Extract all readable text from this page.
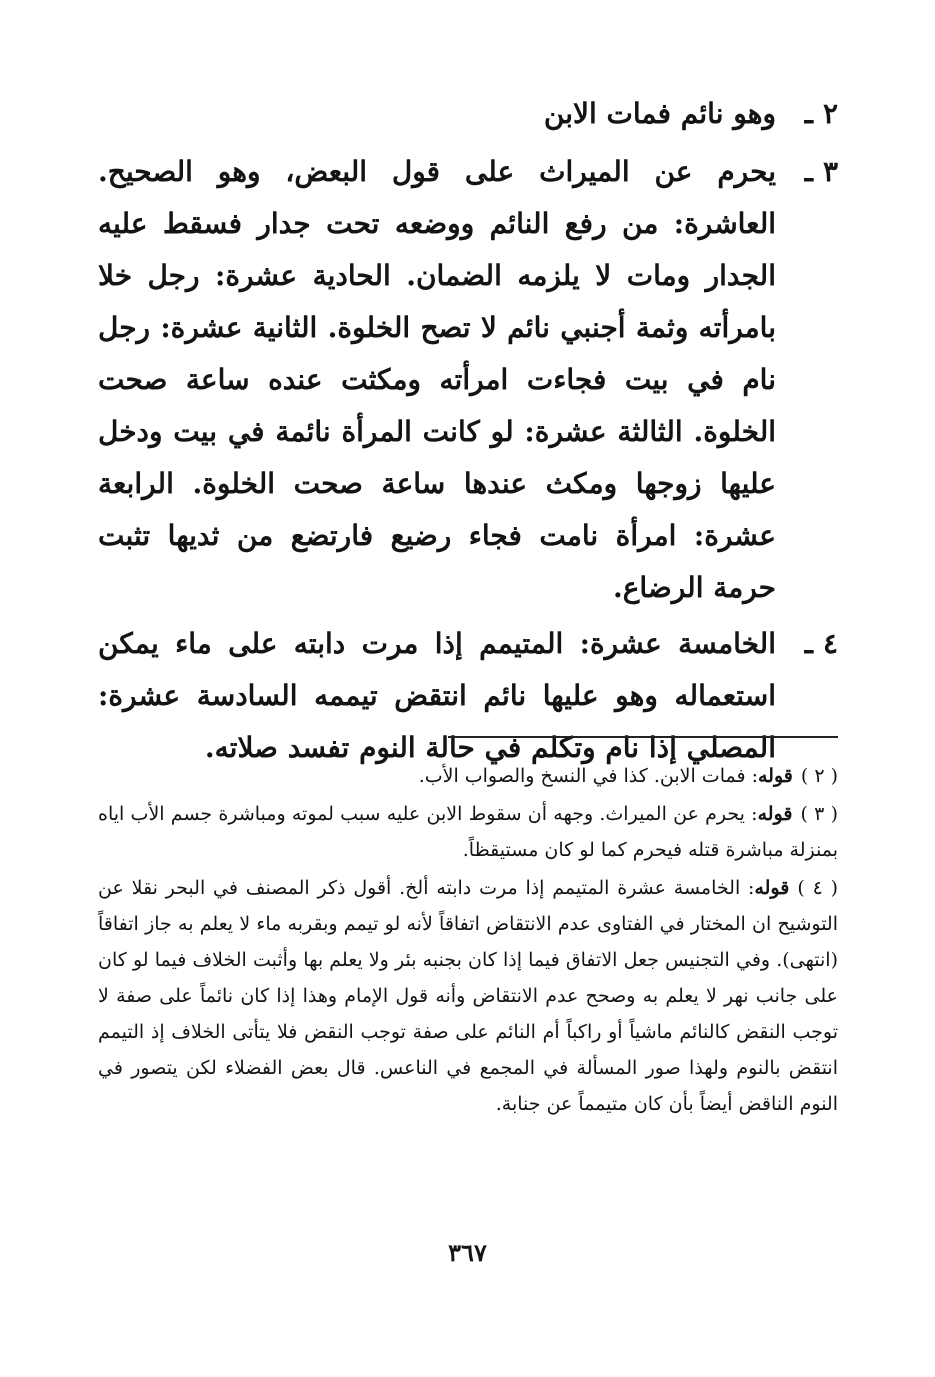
٢ـ
وهو نائم فمات الابن
٣ـ
يحرم عن الميراث على قول البعض، وهو الصحيح. العاشرة: من رفع النائم ووضعه تحت جدار فسقط عليه الجدار ومات لا يلزمه الضمان. الحادية عشرة: رجل خلا بامرأته وثمة أجنبي نائم لا تصح الخلوة. الثانية عشرة: رجل نام في بيت فجاءت امرأته ومكثت عنده ساعة صحت الخلوة. الثالثة عشرة: لو كانت المرأة نائمة في بيت ودخل عليها زوجها ومكث عندها ساعة صحت الخلوة. الرابعة عشرة: امرأة نامت فجاء رضيع فارتضع من ثديها تثبت حرمة الرضاع.
٤ـ
الخامسة عشرة: المتيمم إذا مرت دابته على ماء يمكن استعماله وهو عليها نائم انتقض تيممه السادسة عشرة: المصلي إذا نام وتكلم في حالة النوم تفسد صلاته.

( ٢ )قوله: فمات الابن. كذا في النسخ والصواب الأب.

( ٣ )قوله: يحرم عن الميراث. وجهه أن سقوط الابن عليه سبب لموته ومباشرة جسم الأب اياه بمنزلة مباشرة قتله فيحرم كما لو كان مستيقظاً.

( ٤ )قوله: الخامسة عشرة المتيمم إذا مرت دابته ألخ. أقول ذكر المصنف في البحر نقلا عن التوشيح ان المختار في الفتاوى عدم الانتقاض اتفاقاً لأنه لو تيمم وبقربه ماء لا يعلم به جاز اتفاقاً (انتهى). وفي التجنيس جعل الاتفاق فيما إذا كان بجنبه بئر ولا يعلم بها وأثبت الخلاف فيما لو كان على جانب نهر لا يعلم به وصحح عدم الانتقاض وأنه قول الإمام وهذا إذا كان نائماً على صفة لا توجب النقض كالنائم ماشياً أو راكباً أم النائم على صفة توجب النقض فلا يتأتى الخلاف إذ التيمم انتقض بالنوم ولهذا صور المسألة في المجمع في الناعس. قال بعض الفضلاء لكن يتصور في النوم الناقض أيضاً بأن كان متيمماً عن جنابة.

٣٦٧
